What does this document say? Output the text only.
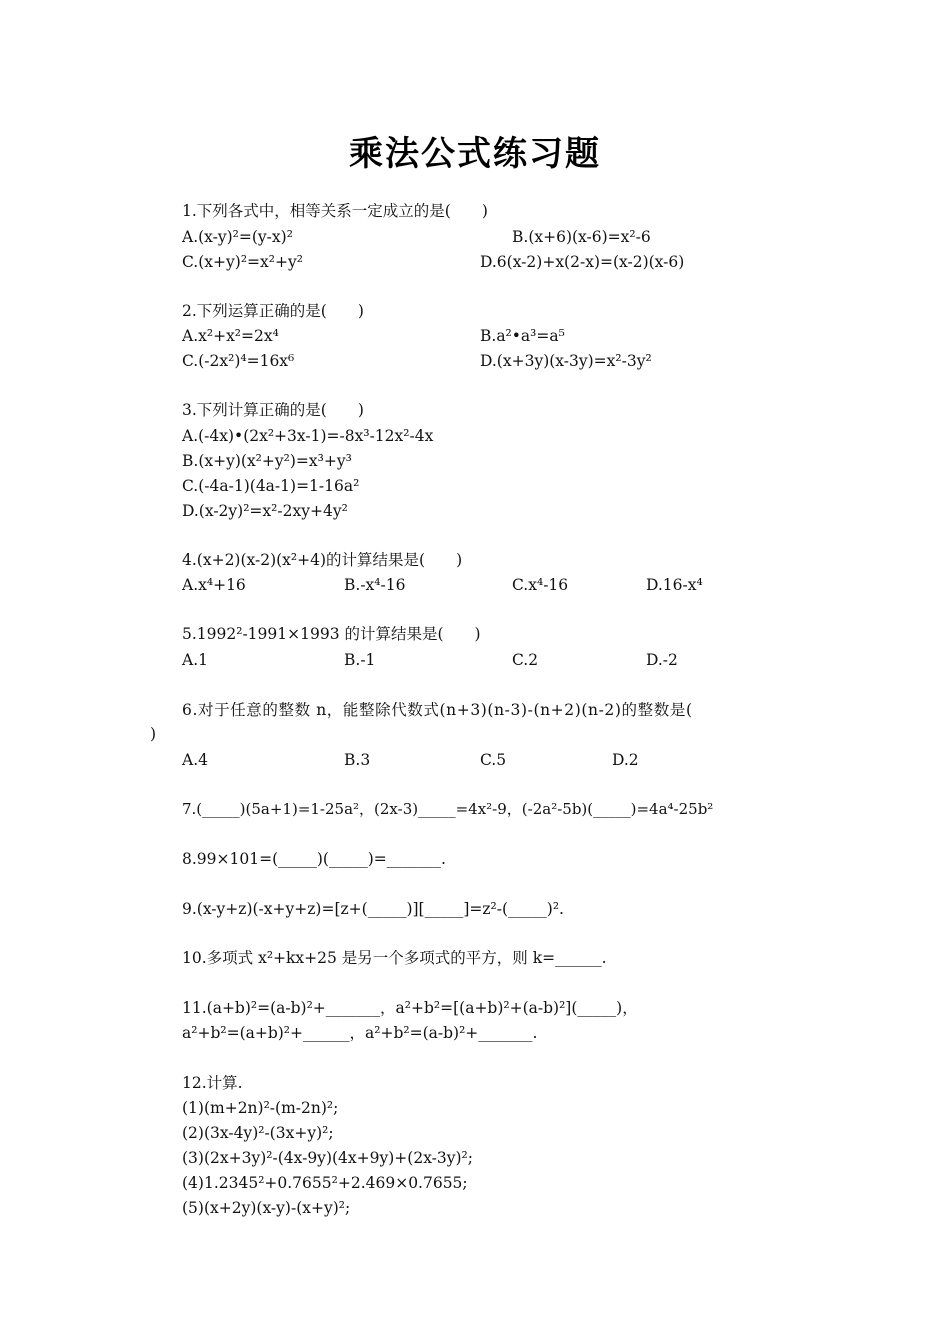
乘法公式练习题
1.下列各式中，相等关系一定成立的是(　　)
A.(x-y)²=(y-x)²	B.(x+6)(x-6)=x²-6
C.(x+y)²=x²+y²	D.6(x-2)+x(2-x)=(x-2)(x-6)
2.下列运算正确的是(　　)
A.x²+x²=2x⁴	B.a²•a³=a⁵
C.(-2x²)⁴=16x⁶	D.(x+3y)(x-3y)=x²-3y²
3.下列计算正确的是(　　)
A.(-4x)•(2x²+3x-1)=-8x³-12x²-4x
B.(x+y)(x²+y²)=x³+y³
C.(-4a-1)(4a-1)=1-16a²
D.(x-2y)²=x²-2xy+4y²
4.(x+2)(x-2)(x²+4)的计算结果是(　　)
A.x⁴+16	B.-x⁴-16	C.x⁴-16	D.16-x⁴
5.1992²-1991×1993 的计算结果是(　　)
A.1	B.-1	C.2	D.-2
6.对于任意的整数 n，能整除代数式(n+3)(n-3)-(n+2)(n-2)的整数是(
)
A.4	B.3	C.5	D.2
7.(_____)(5a+1)=1-25a²，(2x-3)_____=4x²-9，(-2a²-5b)(_____)=4a⁴-25b²
8.99×101=(_____)(_____)=_______.
9.(x-y+z)(-x+y+z)=[z+(_____)][_____]=z²-(_____)².
10.多项式 x²+kx+25 是另一个多项式的平方，则 k=______.
11.(a+b)²=(a-b)²+_______，a²+b²=[(a+b)²+(a-b)²](_____)，
a²+b²=(a+b)²+______，a²+b²=(a-b)²+_______.
12.计算.
(1)(m+2n)²-(m-2n)²;
(2)(3x-4y)²-(3x+y)²;
(3)(2x+3y)²-(4x-9y)(4x+9y)+(2x-3y)²;
(4)1.2345²+0.7655²+2.469×0.7655;
(5)(x+2y)(x-y)-(x+y)²;
